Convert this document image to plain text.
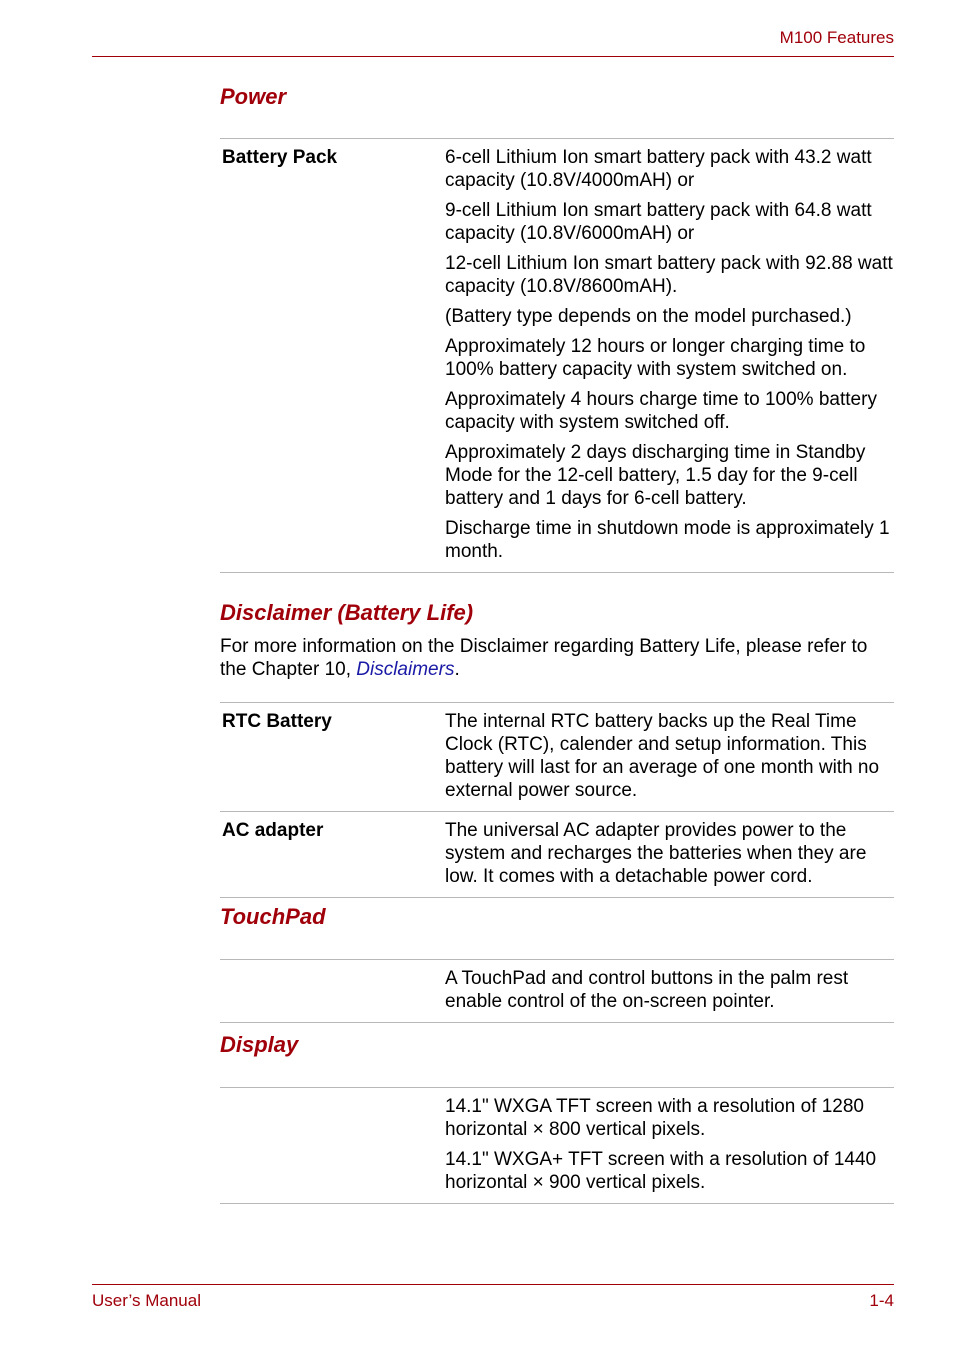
M100 Features
Power
Battery Pack	6-cell Lithium Ion smart battery pack with 43.2 watt capacity (10.8V/4000mAH) or

9-cell Lithium Ion smart battery pack with 64.8 watt capacity (10.8V/6000mAH) or

12-cell Lithium Ion smart battery pack with 92.88 watt capacity (10.8V/8600mAH).

(Battery type depends on the model purchased.)

Approximately 12 hours or longer charging time to 100% battery capacity with system switched on.

Approximately 4 hours charge time to 100% battery capacity with system switched off.

Approximately 2 days discharging time in Standby Mode for the 12-cell battery, 1.5 day for the 9-cell battery and 1 days for 6-cell battery.

Discharge time in shutdown mode is approximately 1 month.

Disclaimer (Battery Life)

For more information on the Disclaimer regarding Battery Life, please refer to the Chapter 10, Disclaimers.

RTC Battery	The internal RTC battery backs up the Real Time Clock (RTC), calender and setup information. This battery will last for an average of one month with no external power source.

AC adapter	The universal AC adapter provides power to the system and recharges the batteries when they are low. It comes with a detachable power cord.

TouchPad

A TouchPad and control buttons in the palm rest enable control of the on-screen pointer.

Display

14.1" WXGA TFT screen with a resolution of 1280 horizontal × 800 vertical pixels.

14.1" WXGA+ TFT screen with a resolution of 1440 horizontal × 900 vertical pixels.

User’s Manual	1-4
